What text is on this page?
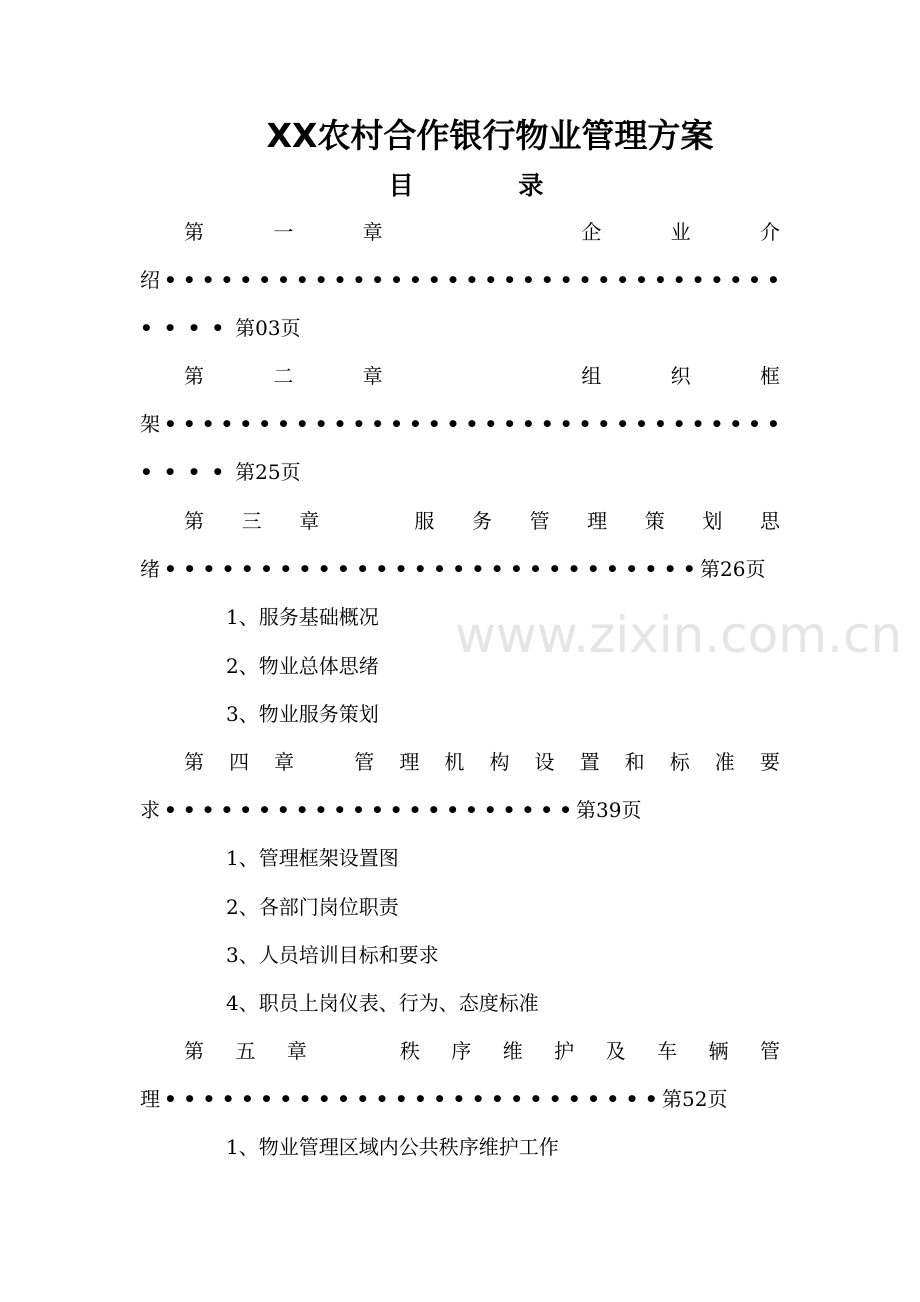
XX农村合作银行物业管理方案
目 录
第	一	章	企	业	介
绍 • • • • • • • • • • • • • • • • • • • • • • • • • • • • • • • • •
••••第03页
第	二	章	组	织	框
架 • • • • • • • • • • • • • • • • • • • • • • • • • • • • • • • • •
••••第25页
第 三 章	服 务 管 理 策 划 思
绪 • • • • • • • • • • • • • • • • • • • • • • • • • • • • 第26页
1、服务基础概况
2、物业总体思绪
3、物业服务策划
第 四 章	管 理 机 构 设 置 和 标 准 要
求 • • • • • • • • • • • • • • • • • • • • • • 第39页
1、管理框架设置图
2、各部门岗位职责
3、人员培训目标和要求
4、职员上岗仪表、行为、态度标准
第 五 章	秩 序 维 护 及 车 辆 管
理 • • • • • • • • • • • • • • • • • • • • • • • • • • 第52页
1、物业管理区域内公共秩序维护工作
www.zixin.com.cn
